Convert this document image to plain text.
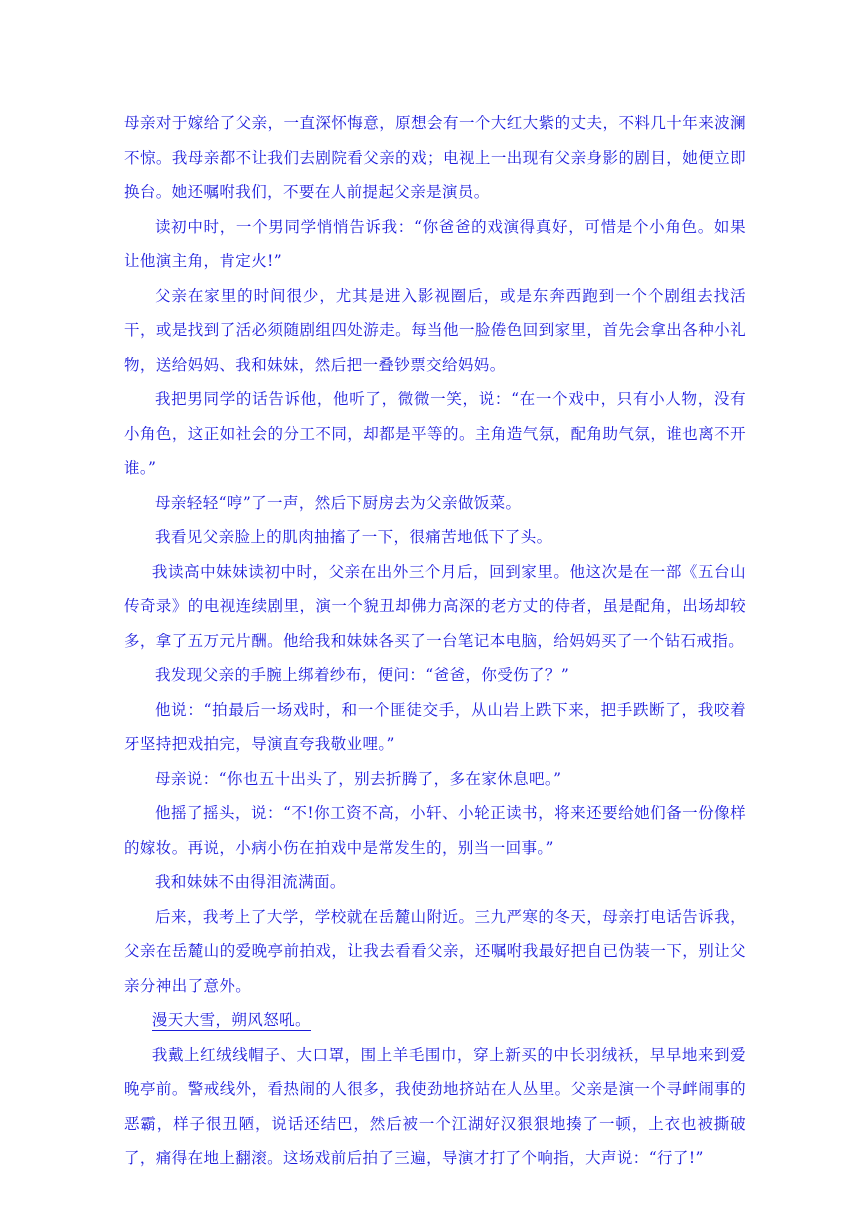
母亲对于嫁给了父亲，一直深怀悔意，原想会有一个大红大紫的丈夫，不料几十年来波澜不惊。我母亲都不让我们去剧院看父亲的戏；电视上一出现有父亲身影的剧目，她便立即换台。她还嘱咐我们，不要在人前提起父亲是演员。

读初中时，一个男同学悄悄告诉我：“你爸爸的戏演得真好，可惜是个小角色。如果让他演主角，肯定火!”

父亲在家里的时间很少，尤其是进入影视圈后，或是东奔西跑到一个个剧组去找活干，或是找到了活必须随剧组四处游走。每当他一脸倦色回到家里，首先会拿出各种小礼物，送给妈妈、我和妹妹，然后把一叠钞票交给妈妈。

我把男同学的话告诉他，他听了，微微一笑，说：“在一个戏中，只有小人物，没有小角色，这正如社会的分工不同，却都是平等的。主角造气氛，配角助气氛，谁也离不开谁。”

母亲轻轻“哼”了一声，然后下厨房去为父亲做饭菜。

我看见父亲脸上的肌肉抽搐了一下，很痛苦地低下了头。

我读高中妹妹读初中时，父亲在出外三个月后，回到家里。他这次是在一部《五台山传奇录》的电视连续剧里，演一个貌丑却佛力高深的老方丈的侍者，虽是配角，出场却较多，拿了五万元片酬。他给我和妹妹各买了一台笔记本电脑，给妈妈买了一个钻石戒指。

我发现父亲的手腕上绑着纱布，便问：“爸爸，你受伤了？”

他说：“拍最后一场戏时，和一个匪徒交手，从山岩上跌下来，把手跌断了，我咬着牙坚持把戏拍完，导演直夸我敬业哩。”

母亲说：“你也五十出头了，别去折腾了，多在家休息吧。”

他摇了摇头，说：“不!你工资不高，小轩、小轮正读书，将来还要给她们备一份像样的嫁妆。再说，小病小伤在拍戏中是常发生的，别当一回事。”

我和妹妹不由得泪流满面。

后来，我考上了大学，学校就在岳麓山附近。三九严寒的冬天，母亲打电话告诉我，父亲在岳麓山的爱晚亭前拍戏，让我去看看父亲，还嘱咐我最好把自已伪装一下，别让父亲分神出了意外。

漫天大雪，朔风怒吼。

我戴上红绒线帽子、大口罩，围上羊毛围巾，穿上新买的中长羽绒袄，早早地来到爱晚亭前。警戒线外，看热闹的人很多，我使劲地挤站在人丛里。父亲是演一个寻衅闹事的恶霸，样子很丑陋，说话还结巴，然后被一个江湖好汉狠狠地揍了一顿，上衣也被撕破了，痛得在地上翻滚。这场戏前后拍了三遍，导演才打了个响指，大声说：“行了!”
